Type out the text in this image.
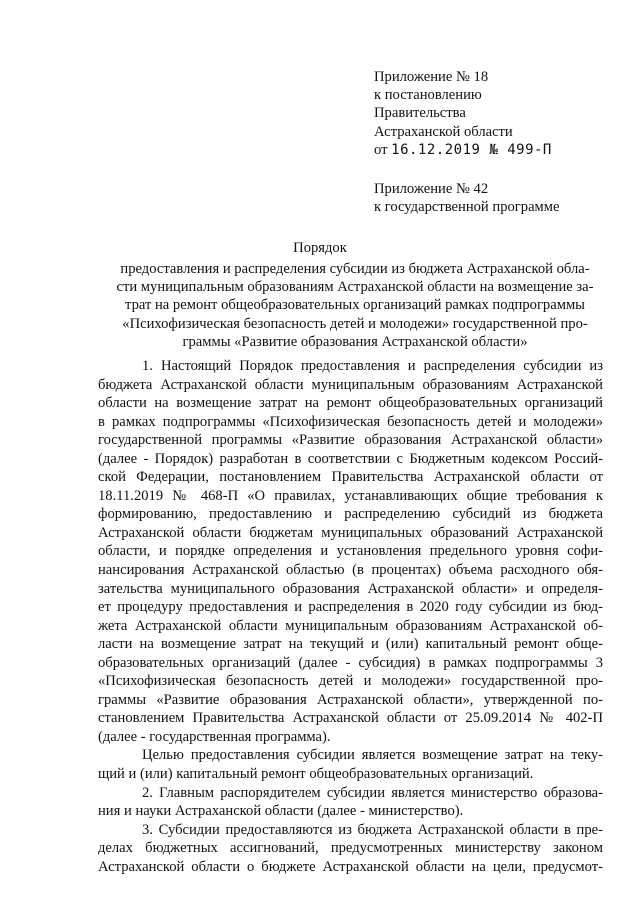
Приложение № 18
к постановлению
Правительства
Астраханской области
от 16.12.2019 № 499-П
Приложение № 42
к государственной программе
Порядок
предоставления и распределения субсидии из бюджета Астраханской обла-
сти муниципальным образованиям Астраханской области на возмещение за-
трат на ремонт общеобразовательных организаций рамках подпрограммы
«Психофизическая безопасность детей и молодежи» государственной про-
граммы «Развитие образования Астраханской области»
1. Настоящий Порядок предоставления и распределения субсидии из
бюджета Астраханской области муниципальным образованиям Астраханской
области на возмещение затрат на ремонт общеобразовательных организаций
в рамках подпрограммы «Психофизическая безопасность детей и молодежи»
государственной программы «Развитие образования Астраханской области»
(далее - Порядок) разработан в соответствии с Бюджетным кодексом Россий-
ской Федерации, постановлением Правительства Астраханской области от
18.11.2019 № 468-П «О правилах, устанавливающих общие требования к
формированию, предоставлению и распределению субсидий из бюджета
Астраханской области бюджетам муниципальных образований Астраханской
области, и порядке определения и установления предельного уровня софи-
нансирования Астраханской областью (в процентах) объема расходного обя-
зательства муниципального образования Астраханской области» и определя-
ет процедуру предоставления и распределения в 2020 году субсидии из бюд-
жета Астраханской области муниципальным образованиям Астраханской об-
ласти на возмещение затрат на текущий и (или) капитальный ремонт обще-
образовательных организаций (далее - субсидия) в рамках подпрограммы 3
«Психофизическая безопасность детей и молодежи» государственной про-
граммы «Развитие образования Астраханской области», утвержденной по-
становлением Правительства Астраханской области от 25.09.2014 № 402-П
(далее - государственная программа).
Целью предоставления субсидии является возмещение затрат на теку-
щий и (или) капитальный ремонт общеобразовательных организаций.
2. Главным распорядителем субсидии является министерство образова-
ния и науки Астраханской области (далее - министерство).
3. Субсидии предоставляются из бюджета Астраханской области в пре-
делах бюджетных ассигнований, предусмотренных министерству законом
Астраханской области о бюджете Астраханской области на цели, предусмот-
